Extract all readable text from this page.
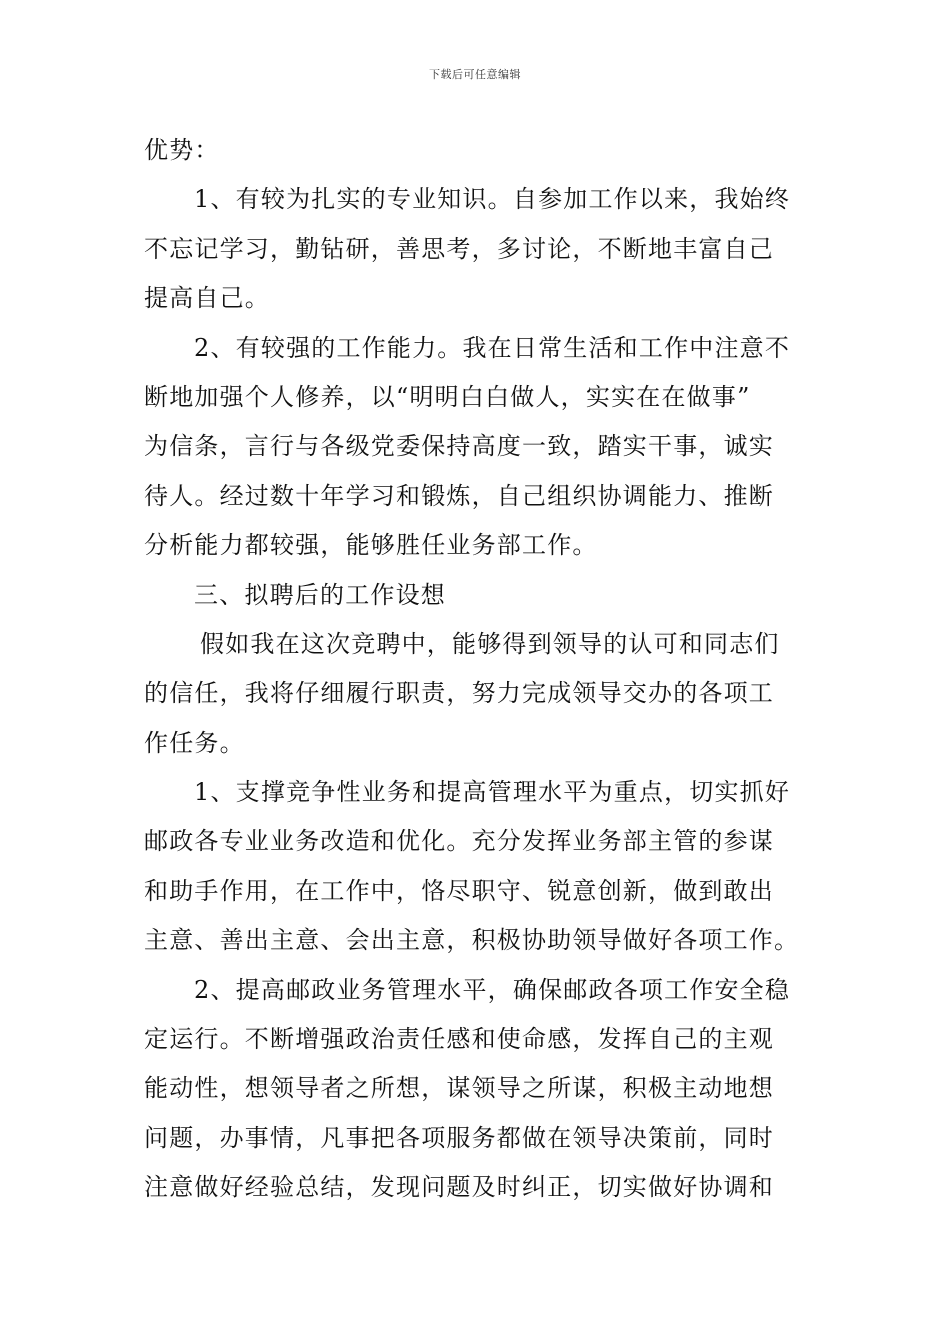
下载后可任意编辑
优势：
1、有较为扎实的专业知识。自参加工作以来，我始终
不忘记学习，勤钻研，善思考，多讨论，不断地丰富自己
提高自己。
2、有较强的工作能力。我在日常生活和工作中注意不
断地加强个人修养，以“明明白白做人，实实在在做事”
为信条，言行与各级党委保持高度一致，踏实干事，诚实
待人。经过数十年学习和锻炼，自己组织协调能力、推断
分析能力都较强，能够胜任业务部工作。
三、拟聘后的工作设想
假如我在这次竞聘中，能够得到领导的认可和同志们
的信任，我将仔细履行职责，努力完成领导交办的各项工
作任务。
1、支撑竞争性业务和提高管理水平为重点，切实抓好
邮政各专业业务改造和优化。充分发挥业务部主管的参谋
和助手作用，在工作中，恪尽职守、锐意创新，做到敢出
主意、善出主意、会出主意，积极协助领导做好各项工作。
2、提高邮政业务管理水平，确保邮政各项工作安全稳
定运行。不断增强政治责任感和使命感，发挥自己的主观
能动性，想领导者之所想，谋领导之所谋，积极主动地想
问题，办事情，凡事把各项服务都做在领导决策前，同时
注意做好经验总结，发现问题及时纠正，切实做好协调和
